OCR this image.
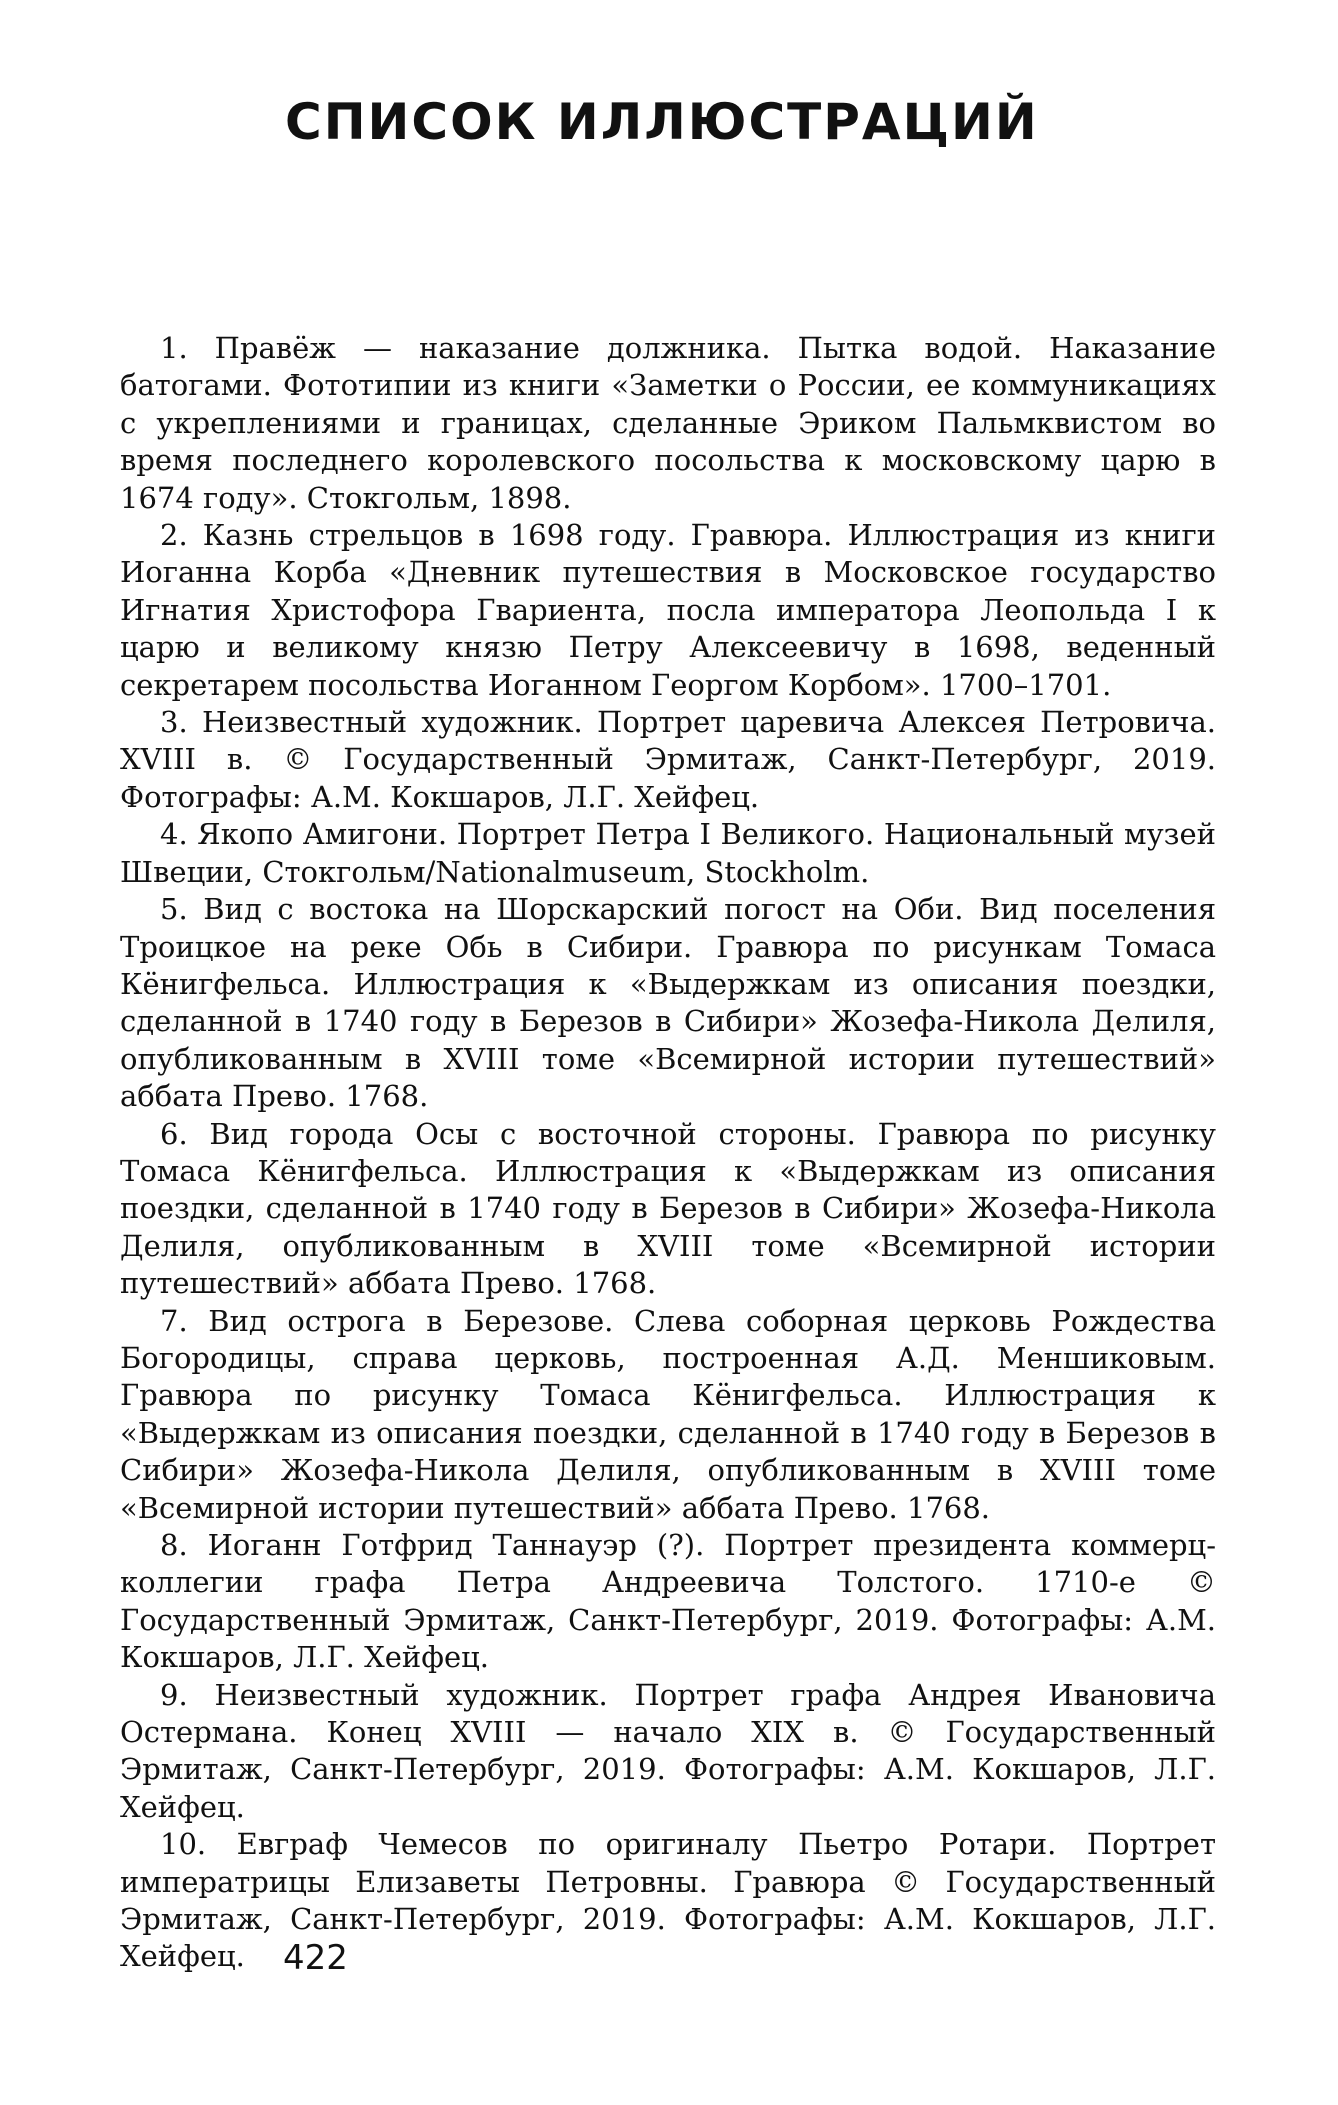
СПИСОК ИЛЛЮСТРАЦИЙ

1. Правёж — наказание должника. Пытка водой. Наказание батогами. Фототипии из книги «Заметки о России, ее коммуникациях с укреплениями и границах, сделанные Эриком Пальмквистом во время последнего королевского посольства к московскому царю в 1674 году». Стокгольм, 1898.

2. Казнь стрельцов в 1698 году. Гравюра. Иллюстрация из книги Иоганна Корба «Дневник путешествия в Московское государство Игнатия Христофора Гвариента, посла императора Леопольда I к царю и великому князю Петру Алексеевичу в 1698, веденный секретарем посольства Иоганном Георгом Корбом». 1700–1701.

3. Неизвестный художник. Портрет царевича Алексея Петровича. XVIII в. © Государственный Эрмитаж, Санкт-Петербург, 2019. Фотографы: А.М. Кокшаров, Л.Г. Хейфец.

4. Якопо Амигони. Портрет Петра I Великого. Национальный музей Швеции, Стокгольм/Nationalmuseum, Stockholm.

5. Вид с востока на Шорскарский погост на Оби. Вид поселения Троицкое на реке Обь в Сибири. Гравюра по рисункам Томаса Кёнигфельса. Иллюстрация к «Выдержкам из описания поездки, сделанной в 1740 году в Березов в Сибири» Жозефа-Никола Делиля, опубликованным в XVIII томе «Всемирной истории путешествий» аббата Прево. 1768.

6. Вид города Осы с восточной стороны. Гравюра по рисунку Томаса Кёнигфельса. Иллюстрация к «Выдержкам из описания поездки, сделанной в 1740 году в Березов в Сибири» Жозефа-Никола Делиля, опубликованным в XVIII томе «Всемирной истории путешествий» аббата Прево. 1768.

7. Вид острога в Березове. Слева соборная церковь Рождества Богородицы, справа церковь, построенная А.Д. Меншиковым. Гравюра по рисунку Томаса Кёнигфельса. Иллюстрация к «Выдержкам из описания поездки, сделанной в 1740 году в Березов в Сибири» Жозефа-Никола Делиля, опубликованным в XVIII томе «Всемирной истории путешествий» аббата Прево. 1768.

8. Иоганн Готфрид Таннауэр (?). Портрет президента коммерц-коллегии графа Петра Андреевича Толстого. 1710-е © Государственный Эрмитаж, Санкт-Петербург, 2019. Фотографы: А.М. Кокшаров, Л.Г. Хейфец.

9. Неизвестный художник. Портрет графа Андрея Ивановича Остермана. Конец XVIII — начало XIX в. © Государственный Эрмитаж, Санкт-Петербург, 2019. Фотографы: А.М. Кокшаров, Л.Г. Хейфец.

10. Евграф Чемесов по оригиналу Пьетро Ротари. Портрет императрицы Елизаветы Петровны. Гравюра © Государственный Эрмитаж, Санкт-Петербург, 2019. Фотографы: А.М. Кокшаров, Л.Г. Хейфец.	422
